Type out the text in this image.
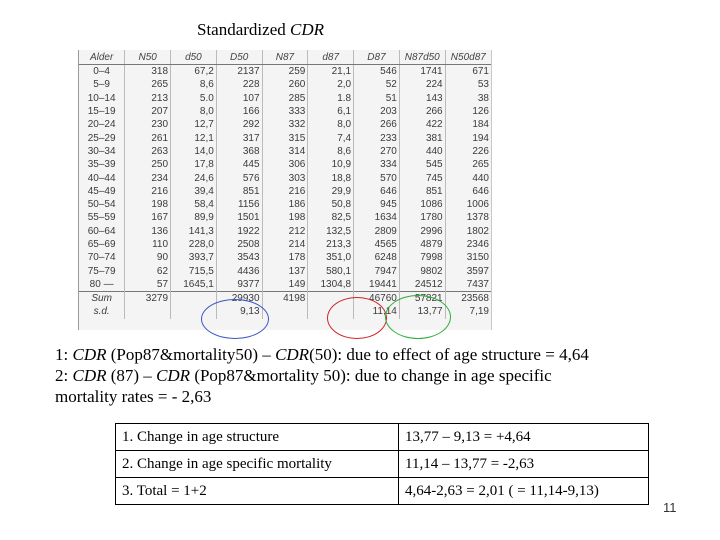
Standardized CDR
Alder	N50	d50	D50	N87	d87	D87	N87d50	N50d87
0–4	318	67,2	2137	259	21,1	546	1741	671
5–9	265	8,6	228	260	2,0	52	224	53
10–14	213	5.0	107	285	1.8	51	143	38
15–19	207	8,0	166	333	6,1	203	266	126
20–24	230	12,7	292	332	8,0	266	422	184
25–29	261	12,1	317	315	7,4	233	381	194
30–34	263	14,0	368	314	8,6	270	440	226
35–39	250	17,8	445	306	10,9	334	545	265
40–44	234	24,6	576	303	18,8	570	745	440
45–49	216	39,4	851	216	29,9	646	851	646
50–54	198	58,4	1156	186	50,8	945	1086	1006
55–59	167	89,9	1501	198	82,5	1634	1780	1378
60–64	136	141,3	1922	212	132,5	2809	2996	1802
65–69	110	228,0	2508	214	213,3	4565	4879	2346
70–74	90	393,7	3543	178	351,0	6248	7998	3150
75–79	62	715,5	4436	137	580,1	7947	9802	3597
80 —	57	1645,1	9377	149	1304,8	19441	24512	7437
Sum	3279		29930	4198		46760	57821	23568
s.d.			9,13			11,14	13,77	7,19
1: CDR (Pop87&mortality50) – CDR(50): due to effect of age structure = 4,64
2: CDR (87) – CDR (Pop87&mortality 50): due to change in age specific
mortality rates = - 2,63
1. Change in age structure	13,77 – 9,13 = +4,64
2. Change in age specific mortality	11,14 – 13,77 = -2,63
3. Total = 1+2	4,64-2,63 = 2,01 ( = 11,14-9,13)
11
